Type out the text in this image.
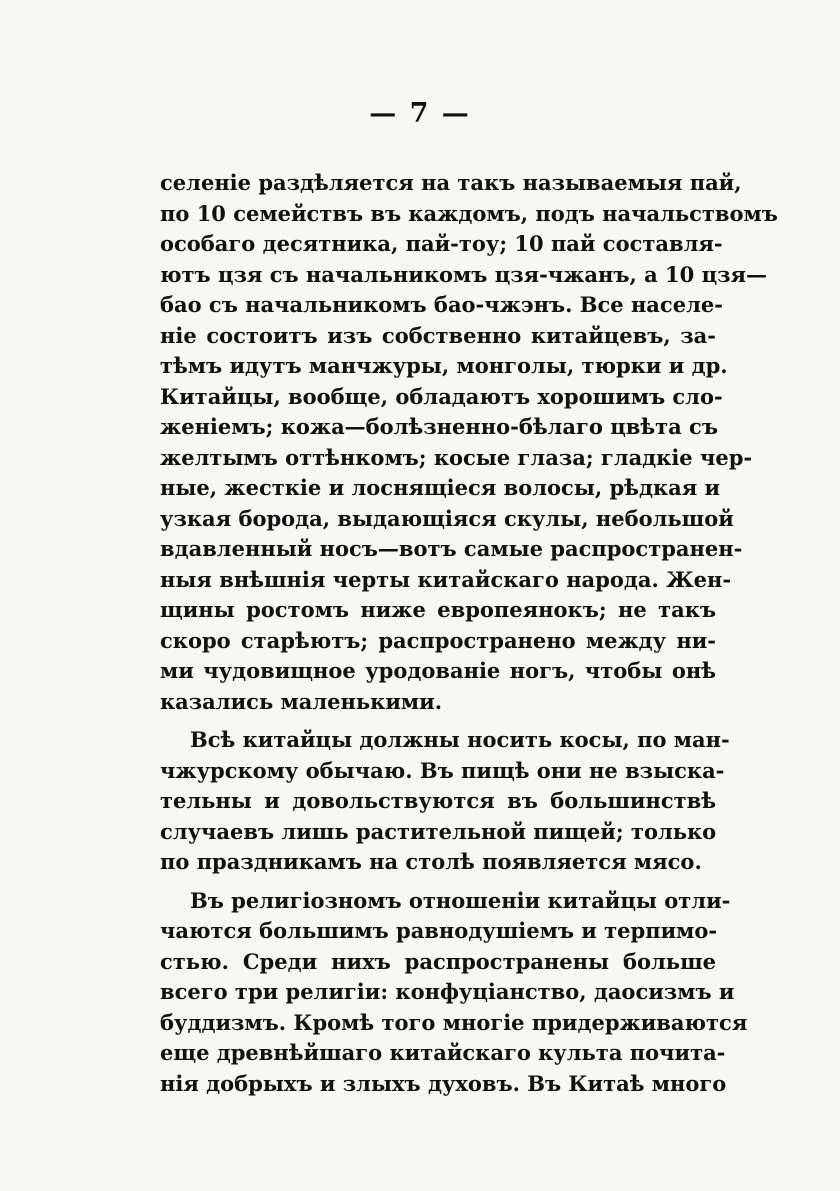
— 7 —
селенiе раздѣляется на такъ называемыя пай,
по 10 семействъ въ каждомъ, подъ начальствомъ
особаго десятника, пай-тоу; 10 пай составля-
ютъ цзя съ начальникомъ цзя-чжанъ, а 10 цзя—
бао съ начальникомъ бао-чжэнъ. Все населе-
нiе состоитъ изъ собственно китайцевъ, за-
тѣмъ идутъ манчжуры, монголы, тюрки и др.
Китайцы, вообще, обладаютъ хорошимъ сло-
женiемъ; кожа—болѣзненно-бѣлаго цвѣта съ
желтымъ оттѣнкомъ; косые глаза; гладкiе чер-
ные, жесткiе и лоснящiеся волосы, рѣдкая и
узкая борода, выдающiяся скулы, небольшой
вдавленный носъ—вотъ самые распространен-
ныя внѣшнiя черты китайскаго народа. Жен-
щины ростомъ ниже европеянокъ; не такъ
скоро старѣютъ; распространено между ни-
ми чудовищное уродованiе ногъ, чтобы онѣ
казались маленькими.
Всѣ китайцы должны носить косы, по ман-
чжурскому обычаю. Въ пищѣ они не взыска-
тельны и довольствуются въ большинствѣ
случаевъ лишь растительной пищей; только
по праздникамъ на столѣ появляется мясо.
Въ религiозномъ отношенiи китайцы отли-
чаются большимъ равнодушiемъ и терпимо-
стью. Среди нихъ распространены больше
всего три религiи: конфуцiанство, даосизмъ и
буддизмъ. Кромѣ того многiе придерживаются
еще древнѣйшаго китайскаго культа почита-
нiя добрыхъ и злыхъ духовъ. Въ Китаѣ много
